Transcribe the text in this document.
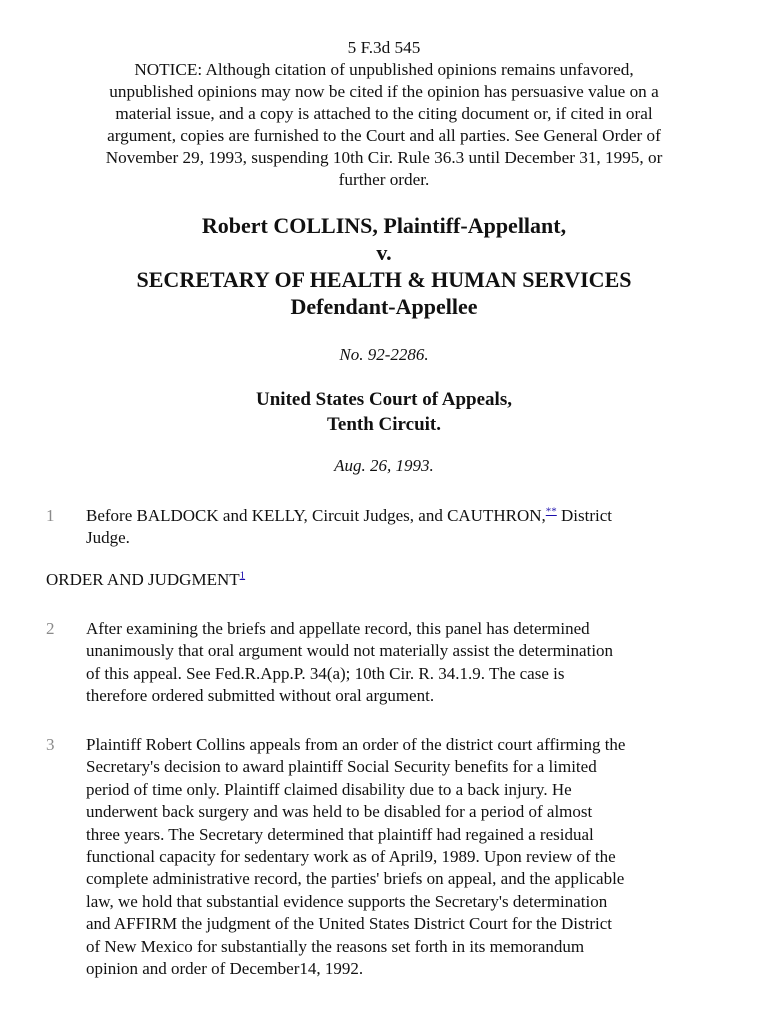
5 F.3d 545
NOTICE: Although citation of unpublished opinions remains unfavored,
unpublished opinions may now be cited if the opinion has persuasive value on a
material issue, and a copy is attached to the citing document or, if cited in oral
argument, copies are furnished to the Court and all parties. See General Order of
November 29, 1993, suspending 10th Cir. Rule 36.3 until December 31, 1995, or
further order.
Robert COLLINS, Plaintiff-Appellant,
v.
SECRETARY OF HEALTH & HUMAN SERVICES
Defendant-Appellee
No. 92-2286.
United States Court of Appeals,
Tenth Circuit.
Aug. 26, 1993.
1 Before BALDOCK and KELLY, Circuit Judges, and CAUTHRON,** District
Judge.
ORDER AND JUDGMENT$^1$
2 After examining the briefs and appellate record, this panel has determined
unanimously that oral argument would not materially assist the determination
of this appeal. See Fed.R.App.P. 34(a); 10th Cir. R. 34.1.9. The case is
therefore ordered submitted without oral argument.
3 Plaintiff Robert Collins appeals from an order of the district court affirming the
Secretary's decision to award plaintiff Social Security benefits for a limited
period of time only. Plaintiff claimed disability due to a back injury. He
underwent back surgery and was held to be disabled for a period of almost
three years. The Secretary determined that plaintiff had regained a residual
functional capacity for sedentary work as of April9, 1989. Upon review of the
complete administrative record, the parties' briefs on appeal, and the applicable
law, we hold that substantial evidence supports the Secretary's determination
and AFFIRM the judgment of the United States District Court for the District
of New Mexico for substantially the reasons set forth in its memorandum
opinion and order of December14, 1992.
